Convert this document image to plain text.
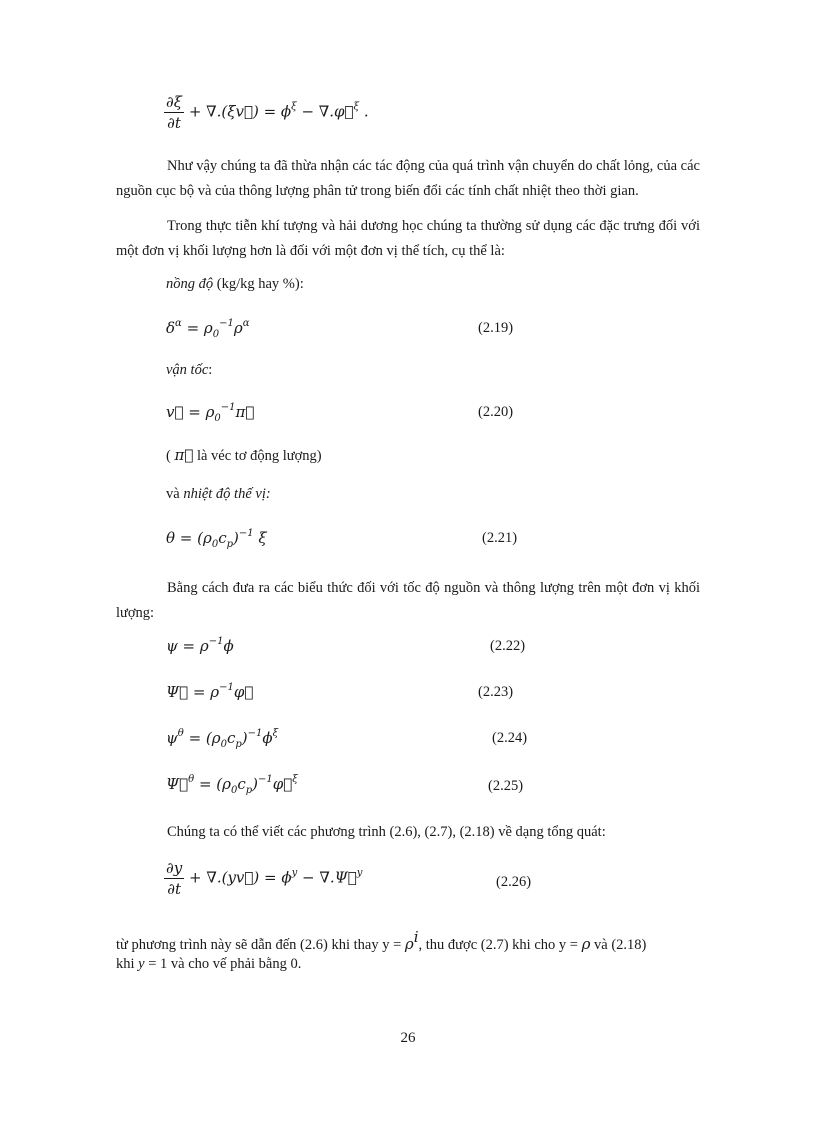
$\frac{\partial\xi}{\partial t}$ + ∇.(ξv⃗) = $\phi^\xi$ − ∇.φ⃗$^\xi$ .
Như vậy chúng ta đã thừa nhận các tác động của quá trình vận chuyển do chất lỏng, của các nguồn cục bộ và của thông lượng phân tử trong biến đổi các tính chất nhiệt theo thời gian.
Trong thực tiễn khí tượng và hải dương học chúng ta thường sử dụng các đặc trưng đối với một đơn vị khối lượng hơn là đối với một đơn vị thể tích, cụ thể là:
nồng độ (kg/kg hay %):
$\delta^\alpha = \rho_0^{-1}\rho^\alpha$	(2.19)
vận tốc:
v⃗ = $\rho_0^{-1}\pi⃗$	(2.20)
( π⃗ là véc tơ động lượng)
và nhiệt độ thế vị:
$\theta = (\rho_0c_p)^{-1}$ ξ	(2.21)
Bằng cách đưa ra các biểu thức đối với tốc độ nguồn và thông lượng trên một đơn vị khối lượng:
$\psi = \rho^{-1}\phi$	(2.22)
Ψ⃗ = $\rho^{-1}\varphi⃗$	(2.23)
$\psi^\theta = (\rho_0c_p)^{-1}\phi^\xi$	(2.24)
Ψ⃗$^\theta$ = $(\rho_0c_p)^{-1}\varphi⃗^\xi$	(2.25)
Chúng ta có thể viết các phương trình (2.6), (2.7), (2.18) về dạng tổng quát:
$\frac{\partial y}{\partial t}$ + ∇.(yv⃗) = $\phi^y$ − ∇.Ψ⃗$^y$
(2.26)
từ phương trình này sẽ dẫn đến (2.6) khi thay $y = \rho^i$, thu được (2.7) khi cho y = ρ và (2.18)
khi y = 1 và cho vế phải bằng 0.
26
